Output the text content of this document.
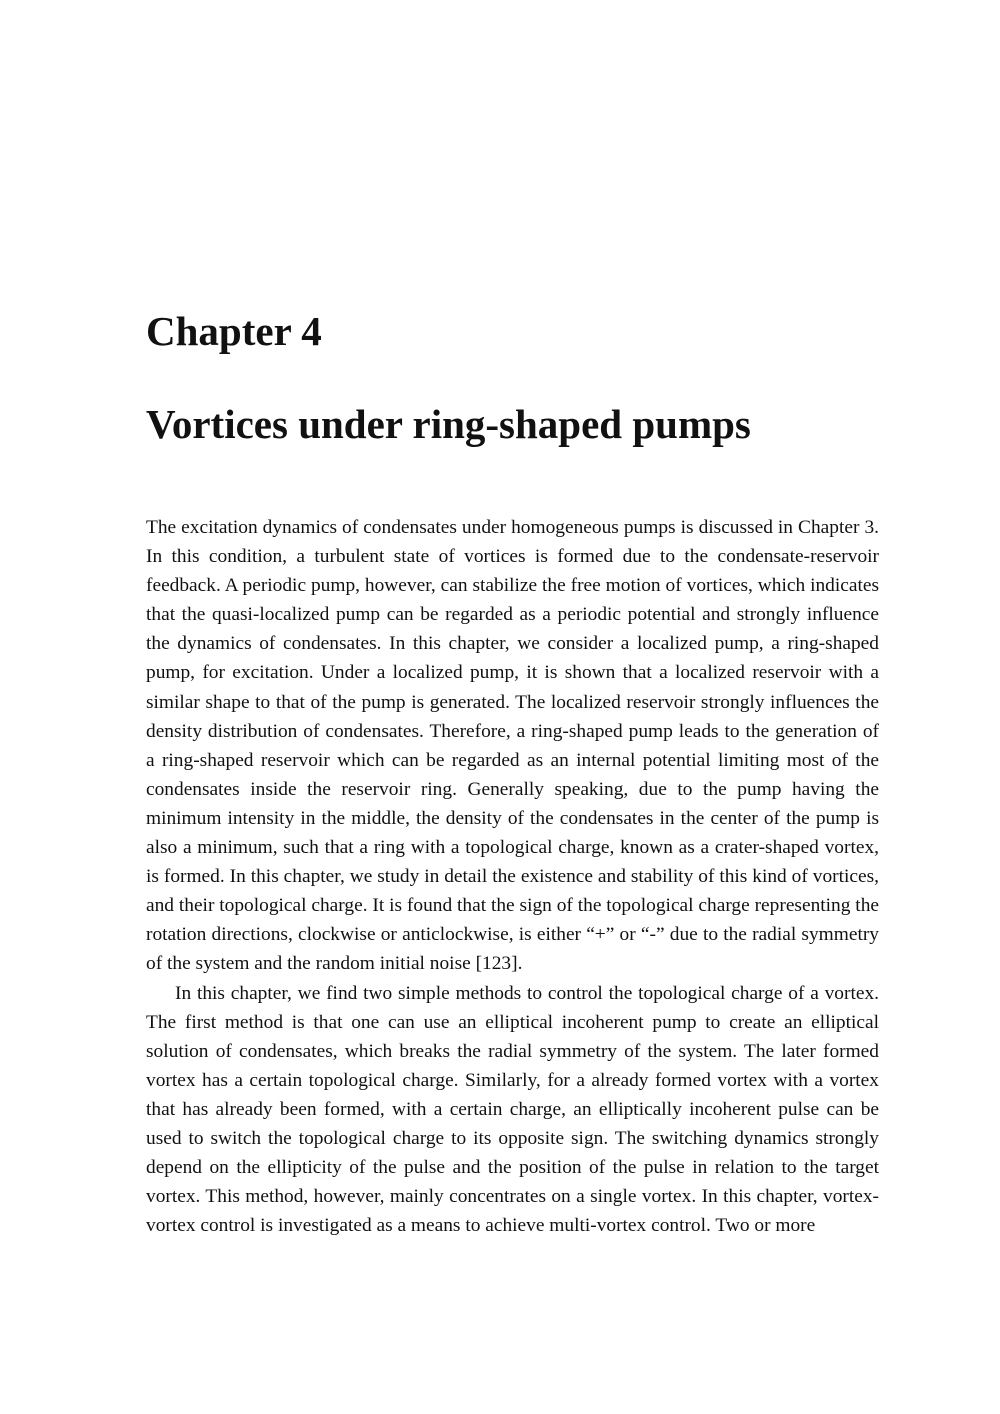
Chapter 4
Vortices under ring-shaped pumps

The excitation dynamics of condensates under homogeneous pumps is discussed in Chapter 3. In this condition, a turbulent state of vortices is formed due to the condensate-reservoir feedback. A periodic pump, however, can stabilize the free motion of vortices, which indicates that the quasi-localized pump can be regarded as a periodic potential and strongly influence the dynamics of condensates. In this chapter, we consider a localized pump, a ring-shaped pump, for excitation. Under a localized pump, it is shown that a localized reservoir with a similar shape to that of the pump is generated. The localized reservoir strongly influences the density distribution of condensates. Therefore, a ring-shaped pump leads to the generation of a ring-shaped reservoir which can be regarded as an internal potential limiting most of the condensates inside the reservoir ring. Generally speaking, due to the pump having the minimum intensity in the middle, the density of the condensates in the center of the pump is also a minimum, such that a ring with a topological charge, known as a crater-shaped vortex, is formed. In this chapter, we study in detail the existence and stability of this kind of vortices, and their topological charge. It is found that the sign of the topological charge representing the rotation directions, clockwise or anticlockwise, is either “+” or “-” due to the radial symmetry of the system and the random initial noise [123].

In this chapter, we find two simple methods to control the topological charge of a vortex. The first method is that one can use an elliptical incoherent pump to create an elliptical solution of condensates, which breaks the radial symmetry of the system. The later formed vortex has a certain topological charge. Similarly, for a already formed vortex with a vortex that has already been formed, with a certain charge, an elliptically incoherent pulse can be used to switch the topological charge to its opposite sign. The switching dynamics strongly depend on the ellipticity of the pulse and the position of the pulse in relation to the target vortex. This method, however, mainly concentrates on a single vortex. In this chapter, vortex-vortex control is investigated as a means to achieve multi-vortex control. Two or more
